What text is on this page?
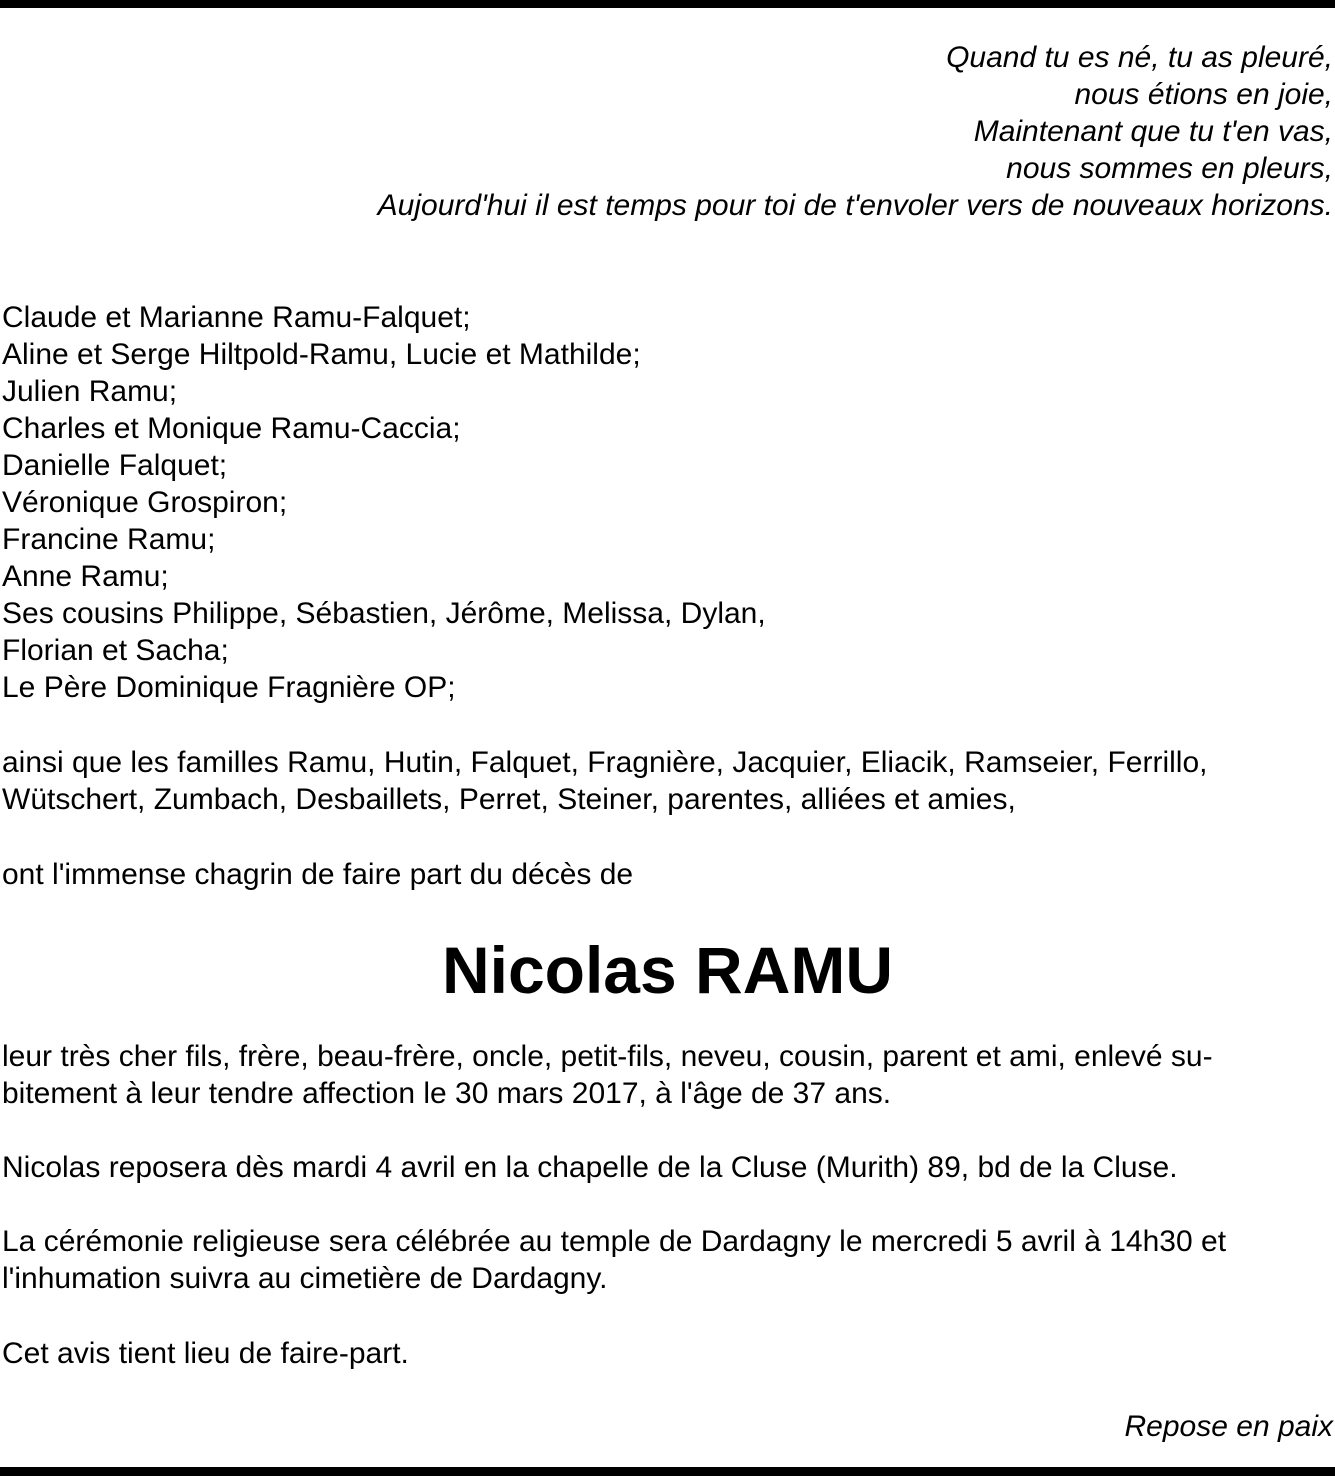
Quand tu es né, tu as pleuré,
nous étions en joie,
Maintenant que tu t'en vas,
nous sommes en pleurs,
Aujourd'hui il est temps pour toi de t'envoler vers de nouveaux horizons.
Claude et Marianne Ramu-Falquet;
Aline et Serge Hiltpold-Ramu, Lucie et Mathilde;
Julien Ramu;
Charles et Monique Ramu-Caccia;
Danielle Falquet;
Véronique Grospiron;
Francine Ramu;
Anne Ramu;
Ses cousins Philippe, Sébastien, Jérôme, Melissa, Dylan,
Florian et Sacha;
Le Père Dominique Fragnière OP;
ainsi que les familles Ramu, Hutin, Falquet, Fragnière, Jacquier, Eliacik, Ramseier, Ferrillo,
Wütschert, Zumbach, Desbaillets, Perret, Steiner, parentes, alliées et amies,
ont l'immense chagrin de faire part du décès de
Nicolas RAMU
leur très cher fils, frère, beau-frère, oncle, petit-fils, neveu, cousin, parent et ami, enlevé su-
bitement à leur tendre affection le 30 mars 2017, à l'âge de 37 ans.
Nicolas reposera dès mardi 4 avril en la chapelle de la Cluse (Murith) 89, bd de la Cluse.
La cérémonie religieuse sera célébrée au temple de Dardagny le mercredi 5 avril à 14h30 et
l'inhumation suivra au cimetière de Dardagny.
Cet avis tient lieu de faire-part.
Repose en paix
